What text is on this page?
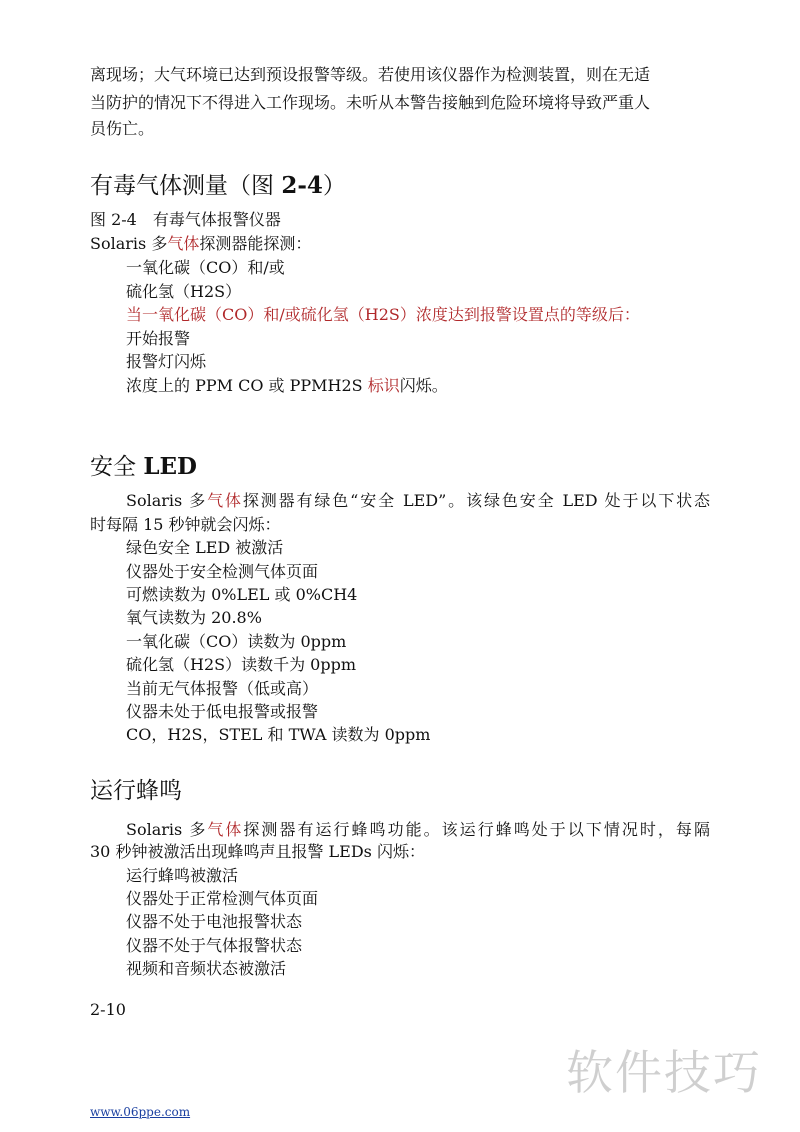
离现场；大气环境已达到预设报警等级。若使用该仪器作为检测装置，则在无适
当防护的情况下不得进入工作现场。未听从本警告接触到危险环境将导致严重人
员伤亡。
有毒气体测量（图 2-4）
图 2-4　有毒气体报警仪器
Solaris 多气体探测器能探测：
一氧化碳（CO）和/或
硫化氢（H2S）
当一氧化碳（CO）和/或硫化氢（H2S）浓度达到报警设置点的等级后：
开始报警
报警灯闪烁
浓度上的 PPM CO 或 PPMH2S 标识闪烁。
安全 LED
Solaris 多气体探测器有绿色“安全 LED”。该绿色安全 LED 处于以下状态
时每隔 15 秒钟就会闪烁：
绿色安全 LED 被激活
仪器处于安全检测气体页面
可燃读数为 0%LEL 或 0%CH4
氧气读数为 20.8%
一氧化碳（CO）读数为 0ppm
硫化氢（H2S）读数千为 0ppm
当前无气体报警（低或高）
仪器未处于低电报警或报警
CO，H2S，STEL 和 TWA 读数为 0ppm
运行蜂鸣
Solaris 多气体探测器有运行蜂鸣功能。该运行蜂鸣处于以下情况时，每隔
30 秒钟被激活出现蜂鸣声且报警 LEDs 闪烁：
运行蜂鸣被激活
仪器处于正常检测气体页面
仪器不处于电池报警状态
仪器不处于气体报警状态
视频和音频状态被激活
2-10
软件技巧
www.06ppe.com
